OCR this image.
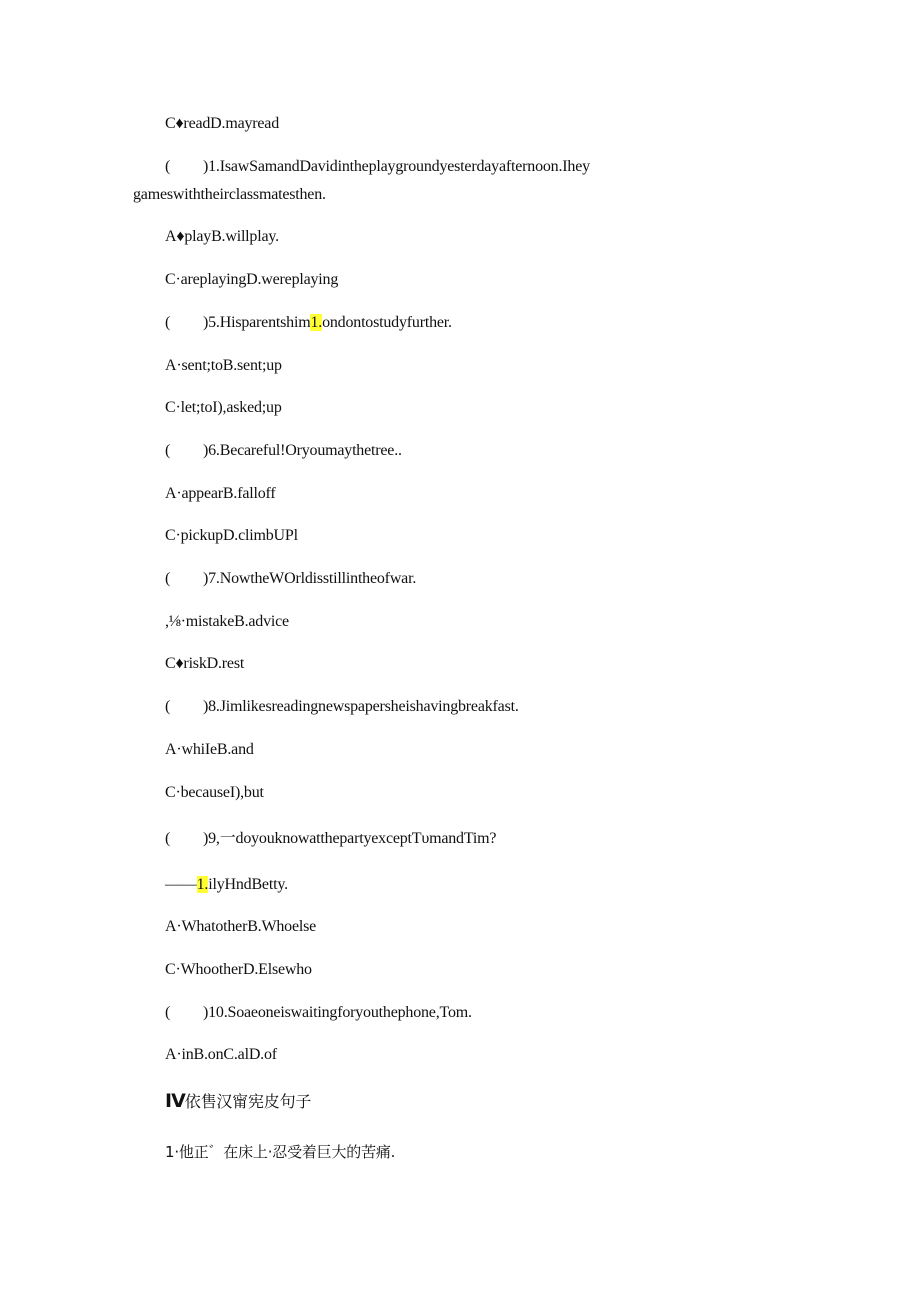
C♦readD.mayread
( )1.IsawSamandDavidintheplaygroundyesterdayafternoon.Ihey
gameswiththeirclassmatesthen.
A♦playB.willplay.
C·areplayingD.wereplaying
( )5.Hisparentshim1.ondontostudyfurther.
A·sent;toB.sent;up
C·let;toI),asked;up
( )6.Becareful!Oryoumaythetree..
A·appearB.falloff
C·pickupD.climbUPl
( )7.NowtheWOrldisstillintheofwar.
,⅛·mistakeB.advice
C♦riskD.rest
( )8.Jimlikesreadingnewspapersheishavingbreakfast.
A·whiIeB.and
C·becauseI),but
( )9,一doyouknowatthepartyexceptTυmandTim?
——1.ilyHndBetty.
A·WhatotherB.Whoelse
C·WhootherD.Elsewho
( )10.Soaeoneiswaitingforyouthephone,Tom.
A·inB.onC.alD.of
IV依售汉甯宪皮句子
1·他正゛在床上·忍受着巨大的苦痛.
